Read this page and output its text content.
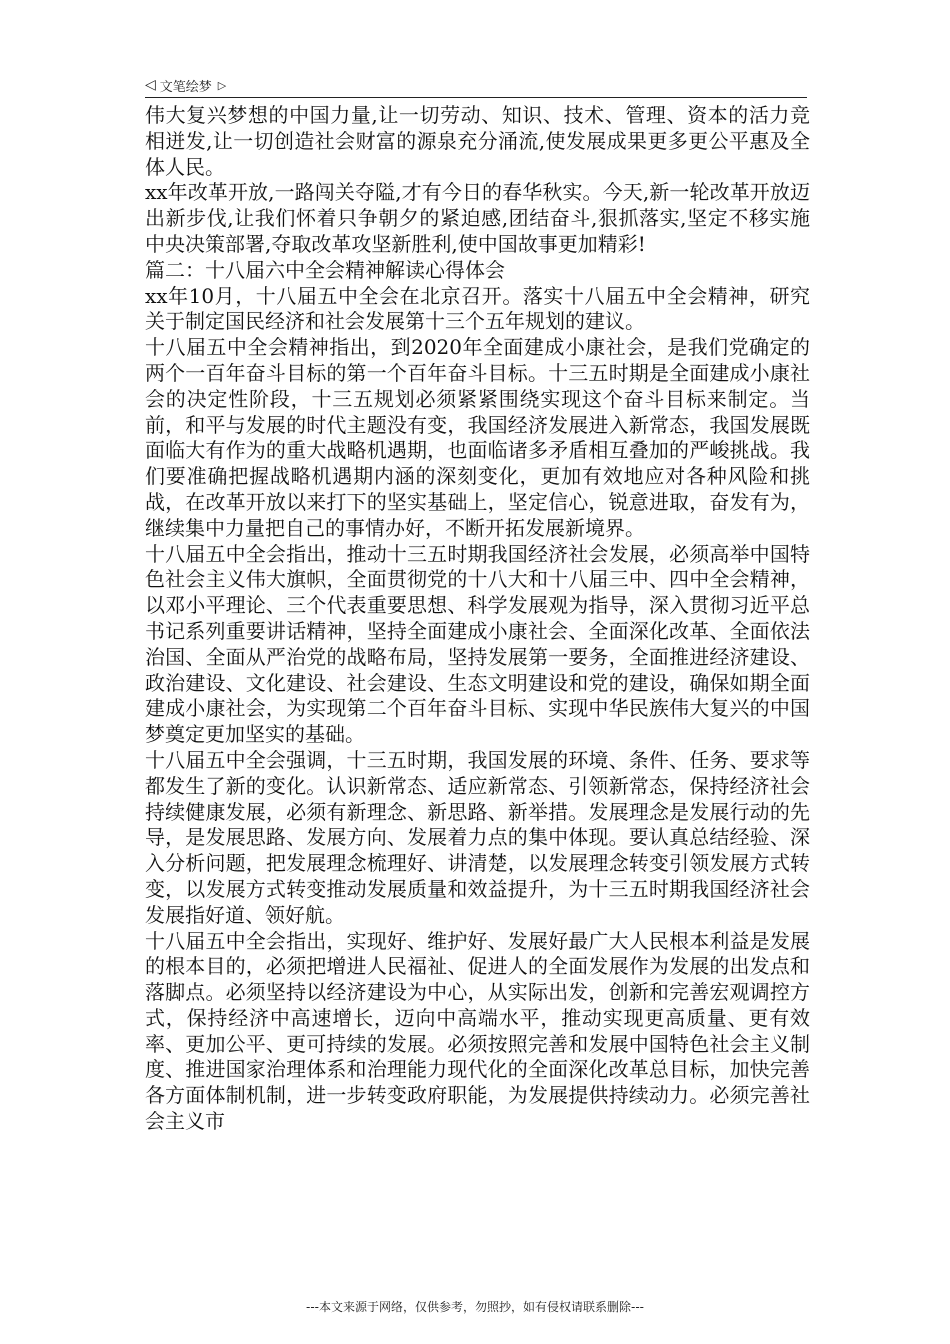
◁ 文笔绘梦 ▷

伟大复兴梦想的中国力量,让一切劳动、知识、技术、管理、资本的活力竞相迸发,让一切创造社会财富的源泉充分涌流,使发展成果更多更公平惠及全体人民。

xx年改革开放,一路闯关夺隘,才有今日的春华秋实。今天,新一轮改革开放迈出新步伐,让我们怀着只争朝夕的紧迫感,团结奋斗,狠抓落实,坚定不移实施中央决策部署,夺取改革攻坚新胜利,使中国故事更加精彩!

篇二：十八届六中全会精神解读心得体会

xx年10月，十八届五中全会在北京召开。落实十八届五中全会精神，研究关于制定国民经济和社会发展第十三个五年规划的建议。

十八届五中全会精神指出，到2020年全面建成小康社会，是我们党确定的两个一百年奋斗目标的第一个百年奋斗目标。十三五时期是全面建成小康社会的决定性阶段，十三五规划必须紧紧围绕实现这个奋斗目标来制定。当前，和平与发展的时代主题没有变，我国经济发展进入新常态，我国发展既面临大有作为的重大战略机遇期，也面临诸多矛盾相互叠加的严峻挑战。我们要准确把握战略机遇期内涵的深刻变化，更加有效地应对各种风险和挑战，在改革开放以来打下的坚实基础上，坚定信心，锐意进取，奋发有为，继续集中力量把自己的事情办好，不断开拓发展新境界。

十八届五中全会指出，推动十三五时期我国经济社会发展，必须高举中国特色社会主义伟大旗帜，全面贯彻党的十八大和十八届三中、四中全会精神，以邓小平理论、三个代表重要思想、科学发展观为指导，深入贯彻习近平总书记系列重要讲话精神，坚持全面建成小康社会、全面深化改革、全面依法治国、全面从严治党的战略布局，坚持发展第一要务，全面推进经济建设、政治建设、文化建设、社会建设、生态文明建设和党的建设，确保如期全面建成小康社会，为实现第二个百年奋斗目标、实现中华民族伟大复兴的中国梦奠定更加坚实的基础。

十八届五中全会强调，十三五时期，我国发展的环境、条件、任务、要求等都发生了新的变化。认识新常态、适应新常态、引领新常态，保持经济社会持续健康发展，必须有新理念、新思路、新举措。发展理念是发展行动的先导，是发展思路、发展方向、发展着力点的集中体现。要认真总结经验、深入分析问题，把发展理念梳理好、讲清楚，以发展理念转变引领发展方式转变，以发展方式转变推动发展质量和效益提升，为十三五时期我国经济社会发展指好道、领好航。

十八届五中全会指出，实现好、维护好、发展好最广大人民根本利益是发展的根本目的，必须把增进人民福祉、促进人的全面发展作为发展的出发点和落脚点。必须坚持以经济建设为中心，从实际出发，创新和完善宏观调控方式，保持经济中高速增长，迈向中高端水平，推动实现更高质量、更有效率、更加公平、更可持续的发展。必须按照完善和发展中国特色社会主义制度、推进国家治理体系和治理能力现代化的全面深化改革总目标，加快完善各方面体制机制，进一步转变政府职能，为发展提供持续动力。必须完善社会主义市

---本文来源于网络，仅供参考，勿照抄，如有侵权请联系删除---
